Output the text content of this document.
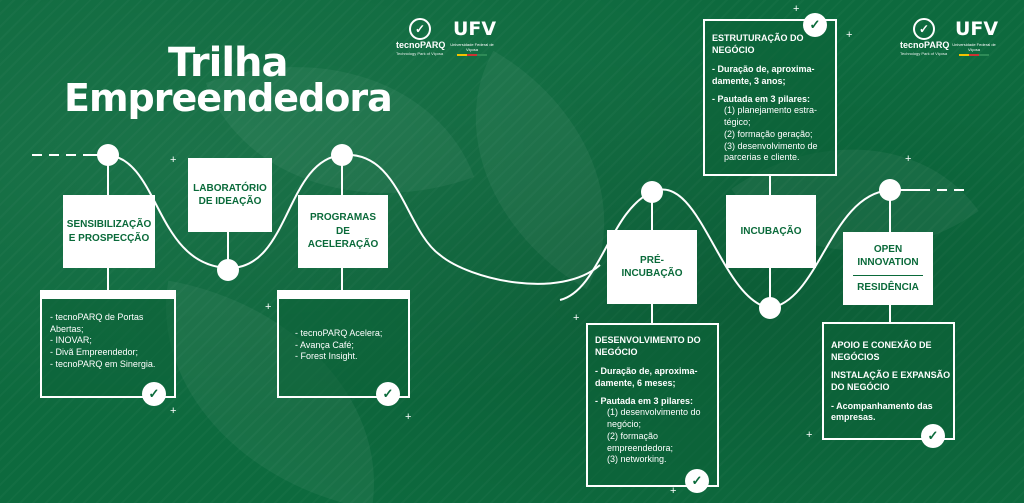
Trilha
Empreendedora
✓
tecnoPARQ
Technology Park of Viçosa
UFV
Universidade Federal de Viçosa
✓
tecnoPARQ
Technology Park of Viçosa
UFV
Universidade Federal de Viçosa
SENSIBILIZAÇÃO E PROSPECÇÃO
LABORATÓRIO DE IDEAÇÃO
PROGRAMAS DE ACELERAÇÃO
PRÉ-INCUBAÇÃO
INCUBAÇÃO
OPEN INNOVATION
RESIDÊNCIA
- tecnoPARQ de Portas Abertas;
- INOVAR;
- Divã Empreendedor;
- tecnoPARQ em Sinergia.
✓
- tecnoPARQ Acelera;
- Avança Café;
- Forest Insight.
✓
ESTRUTURAÇÃO DO NEGÓCIO
- Duração de, aproxima- damente, 3 anos;
- Pautada em 3 pilares:
(1) planejamento estra- tégico;
(2) formação geração;
(3) desenvolvimento de parcerias e cliente.
✓
DESENVOLVIMENTO DO NEGÓCIO
- Duração de, aproxima- damente, 6 meses;
- Pautada em 3 pilares:
(1) desenvolvimento do negócio;
(2) formação empreendedora;
(3) networking.
✓
APOIO E CONEXÃO DE NEGÓCIOS
INSTALAÇÃO E EXPANSÃO DO NEGÓCIO
- Acompanhamento das empresas.
✓
+
+
+	+
+
+
+
+
+
+
